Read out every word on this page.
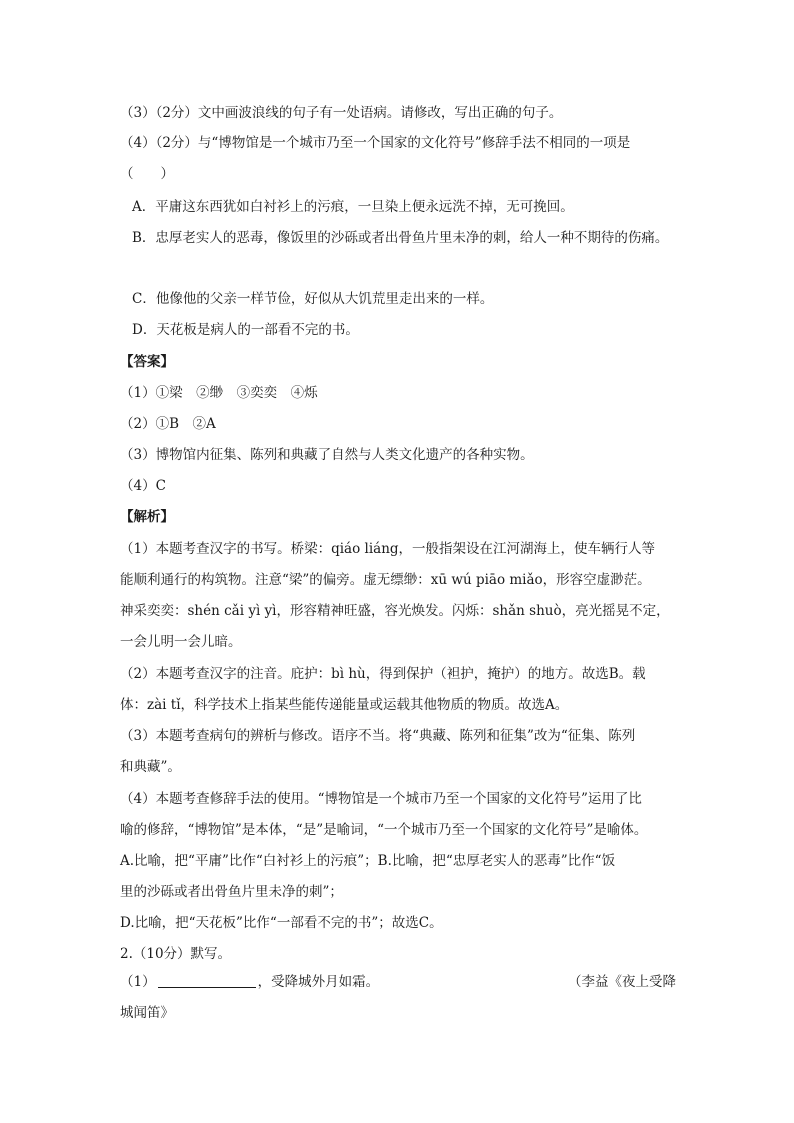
（3）（2分）文中画波浪线的句子有一处语病。请修改，写出正确的句子。
（4）（2分）与“博物馆是一个城市乃至一个国家的文化符号”修辞手法不相同的一项是
（　　）
A．平庸这东西犹如白衬衫上的污痕，一旦染上便永远洗不掉，无可挽回。
B．忠厚老实人的恶毒，像饭里的沙砾或者出骨鱼片里未净的刺，给人一种不期待的伤痛。
C．他像他的父亲一样节俭，好似从大饥荒里走出来的一样。
D．天花板是病人的一部看不完的书。
【答案】
（1）①梁　②缈　③奕奕　④烁
（2）①B　②A
（3）博物馆内征集、陈列和典藏了自然与人类文化遗产的各种实物。
（4）C
【解析】
（1）本题考查汉字的书写。桥梁：qiáo liáng，一般指架设在江河湖海上，使车辆行人等
能顺利通行的构筑物。注意“梁”的偏旁。虚无缥缈：xū wú piāo miǎo，形容空虚渺茫。
神采奕奕：shén cǎi yì yì，形容精神旺盛，容光焕发。闪烁：shǎn shuò，亮光摇晃不定，
一会儿明一会儿暗。
（2）本题考查汉字的注音。庇护：bì hù，得到保护（袒护，掩护）的地方。故选B。载
体：zài tǐ，科学技术上指某些能传递能量或运载其他物质的物质。故选A。
（3）本题考查病句的辨析与修改。语序不当。将“典藏、陈列和征集”改为“征集、陈列
和典藏”。
（4）本题考查修辞手法的使用。“博物馆是一个城市乃至一个国家的文化符号”运用了比
喻的修辞，“博物馆”是本体，“是”是喻词，“一个城市乃至一个国家的文化符号”是喻体。
A.比喻，把“平庸”比作“白衬衫上的污痕”；B.比喻，把“忠厚老实人的恶毒”比作“饭
里的沙砾或者出骨鱼片里未净的刺”；
D.比喻，把“天花板”比作“一部看不完的书”；故选C。
2.（10分）默写。
（1）	，受降城外月如霜。	（李益《夜上受降
城闻笛》
